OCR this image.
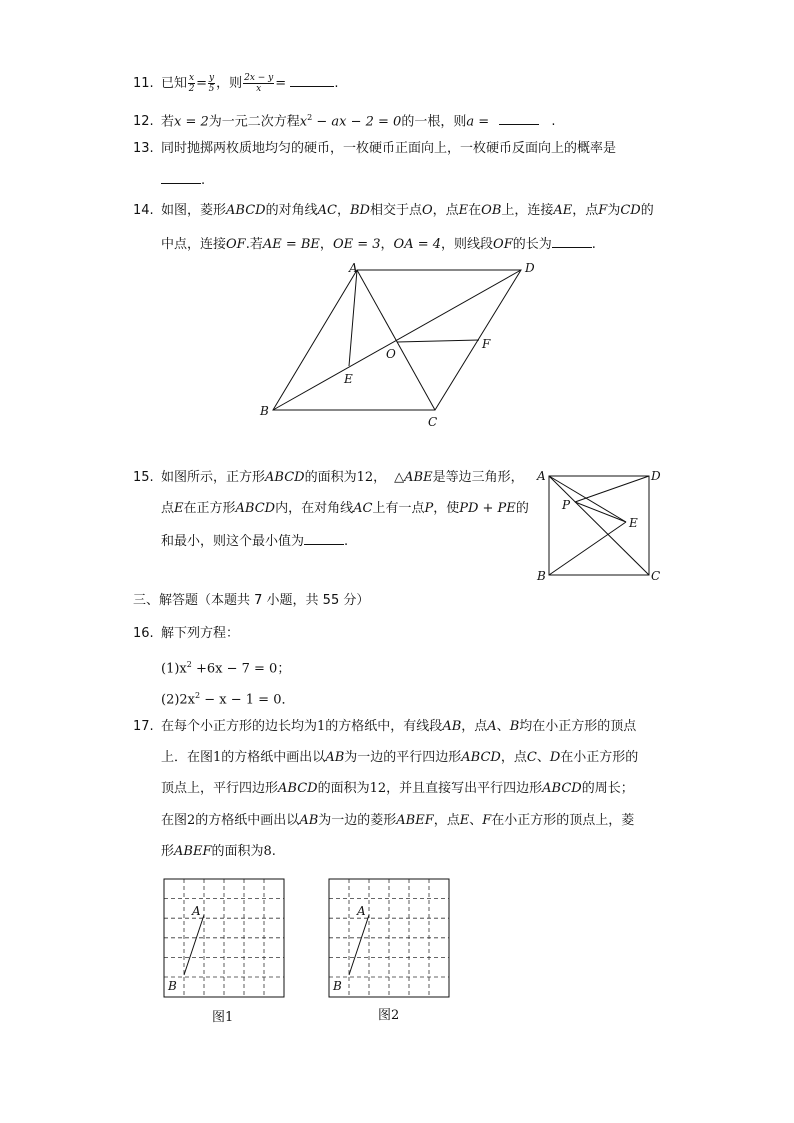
11. 已知 $\frac{x}{2} = \frac{y}{5}$ ，则 $\frac{2x - y}{x}$ =	.
12. 若x = 2为一元二次方程$x^2$ − ax − 2 = 0的一根，则a =	.
13. 同时抛掷两枚质地均匀的硬币，一枚硬币正面向上，一枚硬币反面向上的概率是
.
14. 如图，菱形ABCD的对角线AC，BD相交于点O，点E在OB上，连接AE，点F为CD的
中点，连接OF.若AE = BE，OE = 3，OA = 4，则线段OF的长为	.
A	D
B
C
E
O
F
15. 如图所示，正方形ABCD的面积为12， △ABE是等边三角形，
点E在正方形ABCD内，在对角线AC上有一点P，使PD + PE的
和最小，则这个最小值为	.
A	D
B	C
P
E
三、解答题（本题共 7 小题，共 55 分）
16. 解下列方程：
$(1)x^2 +6x - 7 = 0$；
$(2)2x^2 - x - 1 = 0$．
17. 在每个小正方形的边长均为1的方格纸中，有线段AB，点A、B均在小正方形的顶点
上．在图1的方格纸中画出以AB为一边的平行四边形ABCD，点C、D在小正方形的
顶点上，平行四边形ABCD的面积为12，并且直接写出平行四边形ABCD的周长；
在图2的方格纸中画出以AB为一边的菱形ABEF，点E、F在小正方形的顶点上，菱
形ABEF的面积为8.
A
B
图1
A
B
图2
